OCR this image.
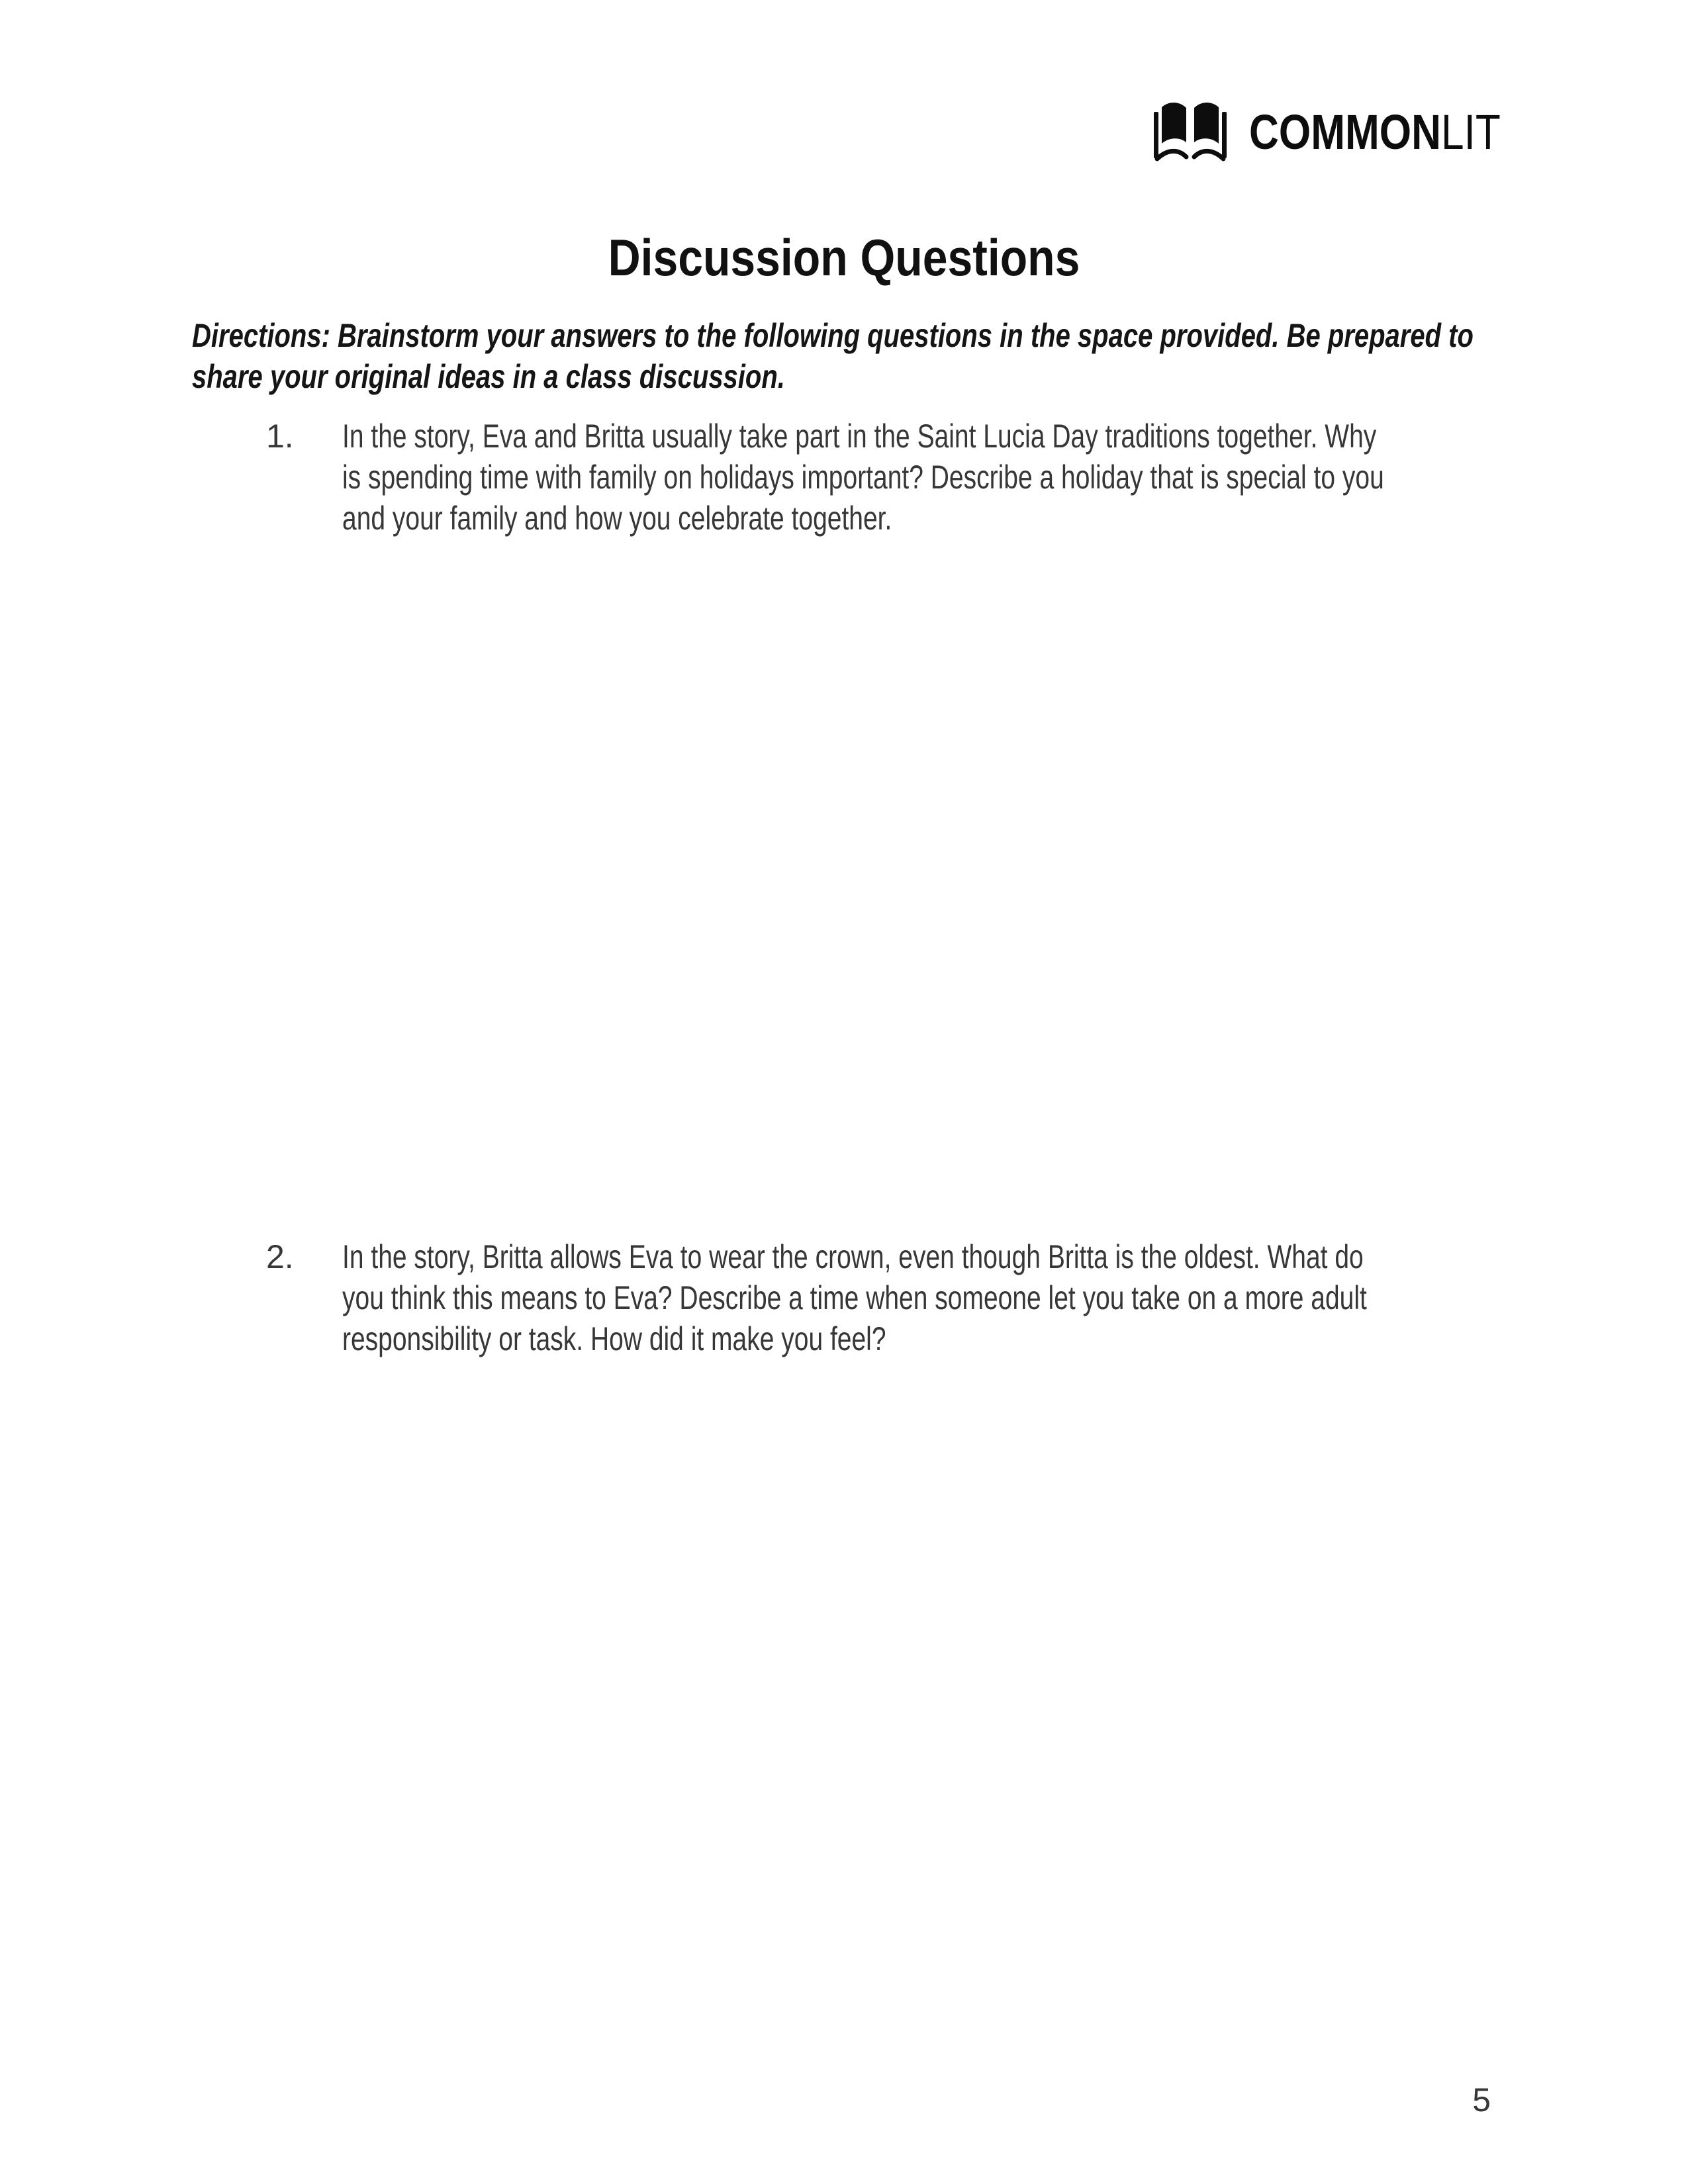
COMMONLIT
Discussion Questions
Directions: Brainstorm your answers to the following questions in the space provided. Be prepared to
share your original ideas in a class discussion.
1.	In the story, Eva and Britta usually take part in the Saint Lucia Day traditions together. Why
is spending time with family on holidays important? Describe a holiday that is special to you
and your family and how you celebrate together.
2.	In the story, Britta allows Eva to wear the crown, even though Britta is the oldest. What do
you think this means to Eva? Describe a time when someone let you take on a more adult
responsibility or task. How did it make you feel?
5
